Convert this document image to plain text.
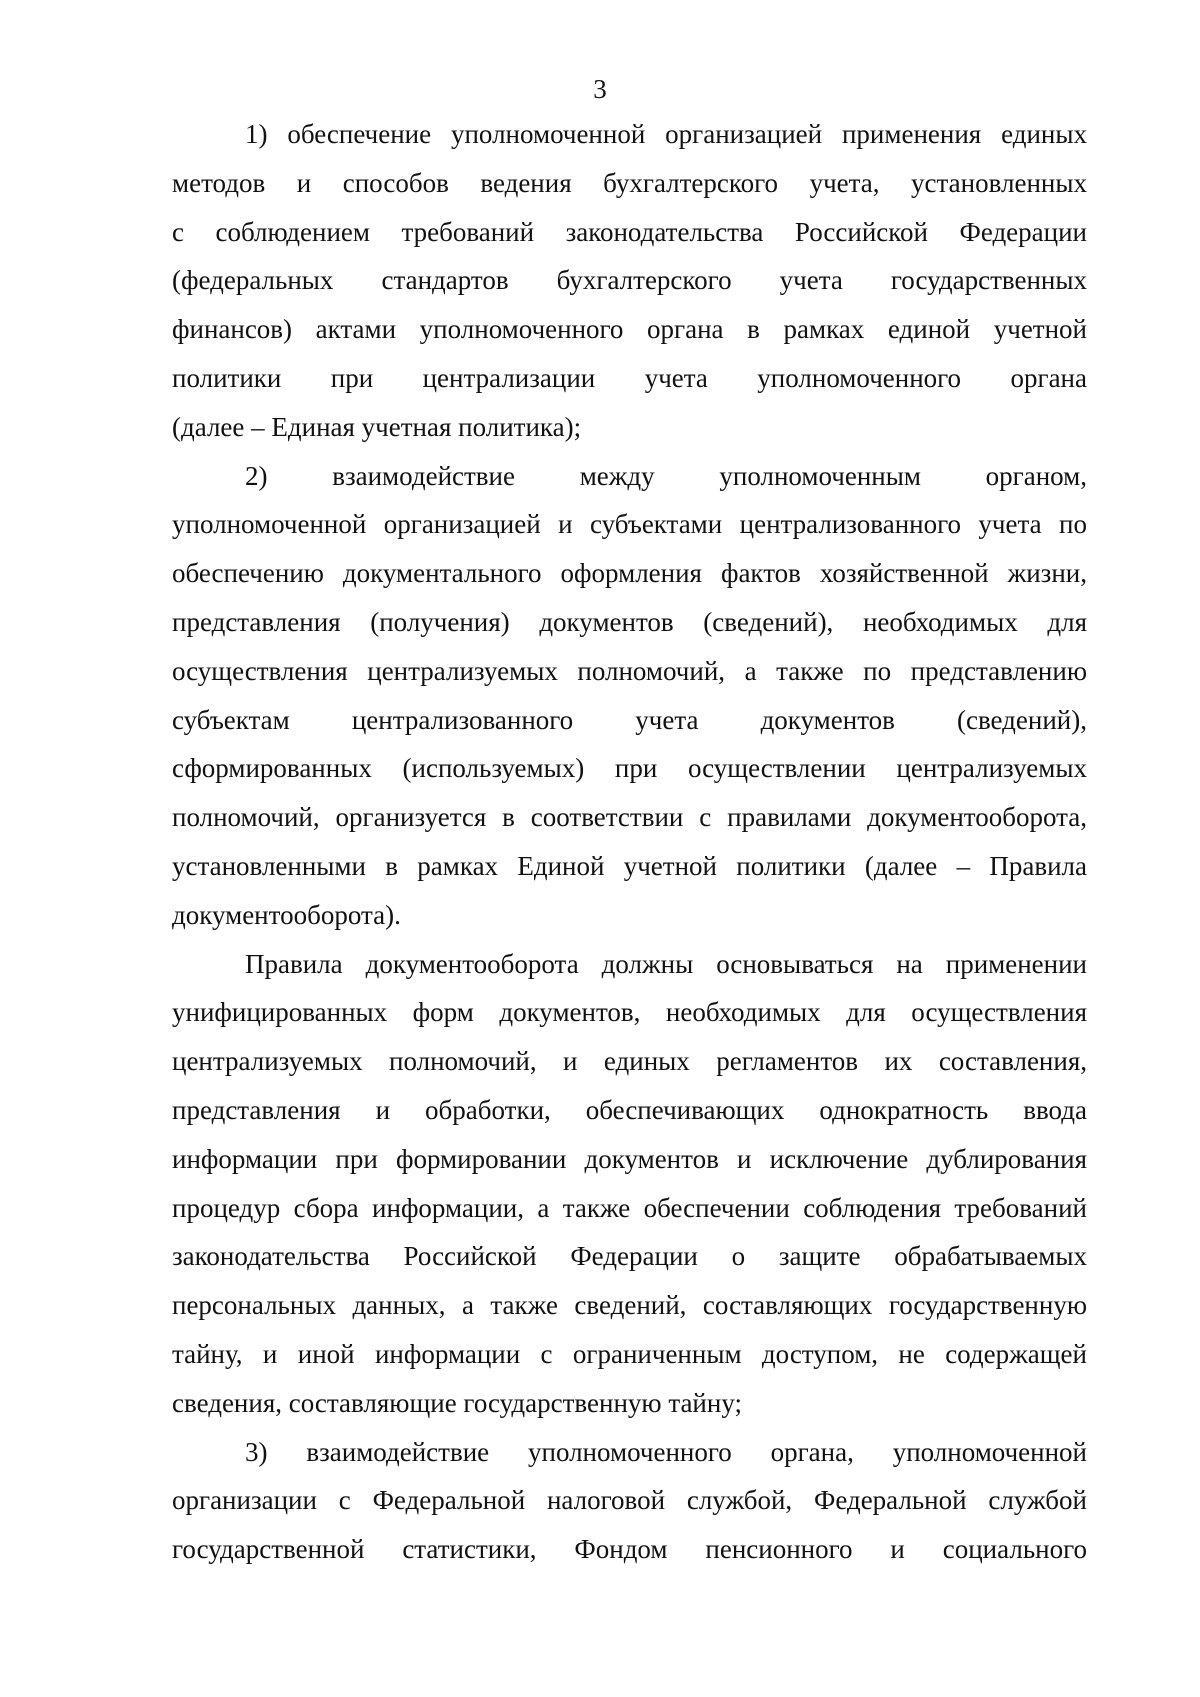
3
1) обеспечение уполномоченной организацией применения единых
методов и способов ведения бухгалтерского учета, установленных
с соблюдением требований законодательства Российской Федерации
(федеральных стандартов бухгалтерского учета государственных
финансов) актами уполномоченного органа в рамках единой учетной
политики при централизации учета уполномоченного органа
(далее – Единая учетная политика);
2) взаимодействие между уполномоченным органом,
уполномоченной организацией и субъектами централизованного учета по
обеспечению документального оформления фактов хозяйственной жизни,
представления (получения) документов (сведений), необходимых для
осуществления централизуемых полномочий, а также по представлению
субъектам централизованного учета документов (сведений),
сформированных (используемых) при осуществлении централизуемых
полномочий, организуется в соответствии с правилами документооборота,
установленными в рамках Единой учетной политики (далее – Правила
документооборота).
Правила документооборота должны основываться на применении
унифицированных форм документов, необходимых для осуществления
централизуемых полномочий, и единых регламентов их составления,
представления и обработки, обеспечивающих однократность ввода
информации при формировании документов и исключение дублирования
процедур сбора информации, а также обеспечении соблюдения требований
законодательства Российской Федерации о защите обрабатываемых
персональных данных, а также сведений, составляющих государственную
тайну, и иной информации с ограниченным доступом, не содержащей
сведения, составляющие государственную тайну;
3) взаимодействие уполномоченного органа, уполномоченной
организации с Федеральной налоговой службой, Федеральной службой
государственной статистики, Фондом пенсионного и социального
